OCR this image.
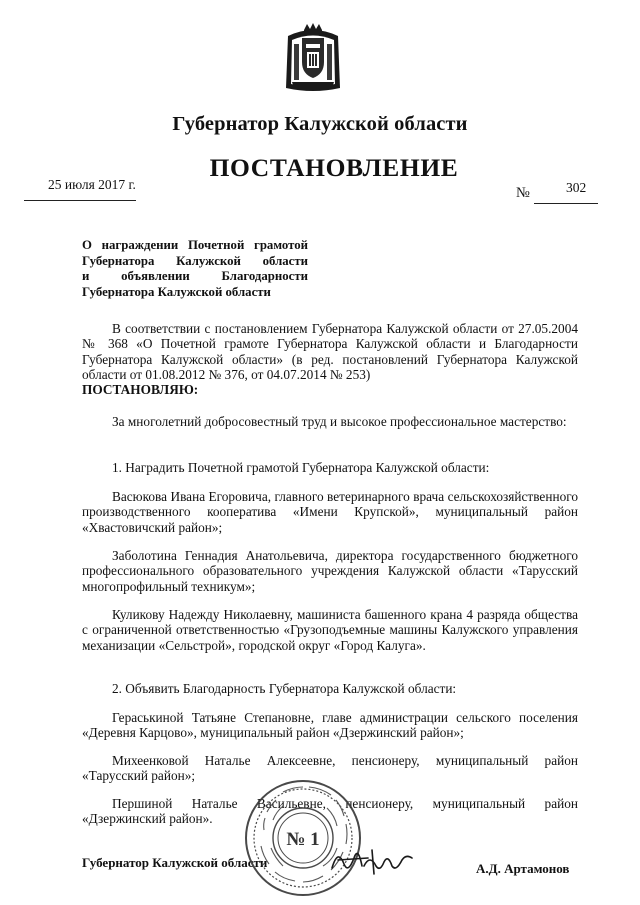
Губернатор Калужской области
ПОСТАНОВЛЕНИЕ
25 июля 2017 г.
№	302
О награждении Почетной грамотой
Губернатора Калужской области
и объявлении Благодарности
Губернатора Калужской области
В соответствии с постановлением Губернатора Калужской области от 27.05.2004 № 368 «О Почетной грамоте Губернатора Калужской области и Благодарности Губернатора Калужской области» (в ред. постановлений Губернатора Калужской области от 01.08.2012 № 376, от 04.07.2014 № 253)
ПОСТАНОВЛЯЮ:
За многолетний добросовестный труд и высокое профессиональное мастерство:
1. Наградить Почетной грамотой Губернатора Калужской области:
Васюкова Ивана Егоровича, главного ветеринарного врача сельскохозяйственного производственного кооператива «Имени Крупской», муниципальный район «Хвастовичский район»;
Заболотина Геннадия Анатольевича, директора государственного бюджетного профессионального образовательного учреждения Калужской области «Тарусский многопрофильный техникум»;
Куликову Надежду Николаевну, машиниста башенного крана 4 разряда общества с ограниченной ответственностью «Грузоподъемные машины Калужского управления механизации «Сельстрой», городской округ «Город Калуга».
2. Объявить Благодарность Губернатора Калужской области:
Гераськиной Татьяне Степановне, главе администрации сельского поселения «Деревня Карцово», муниципальный район «Дзержинский район»;
Михеенковой Наталье Алексеевне, пенсионеру, муниципальный район «Тарусский район»;
Першиной Наталье Васильевне, пенсионеру, муниципальный район «Дзержинский район».
Губернатор Калужской области	А.Д. Артамонов
№ 1
